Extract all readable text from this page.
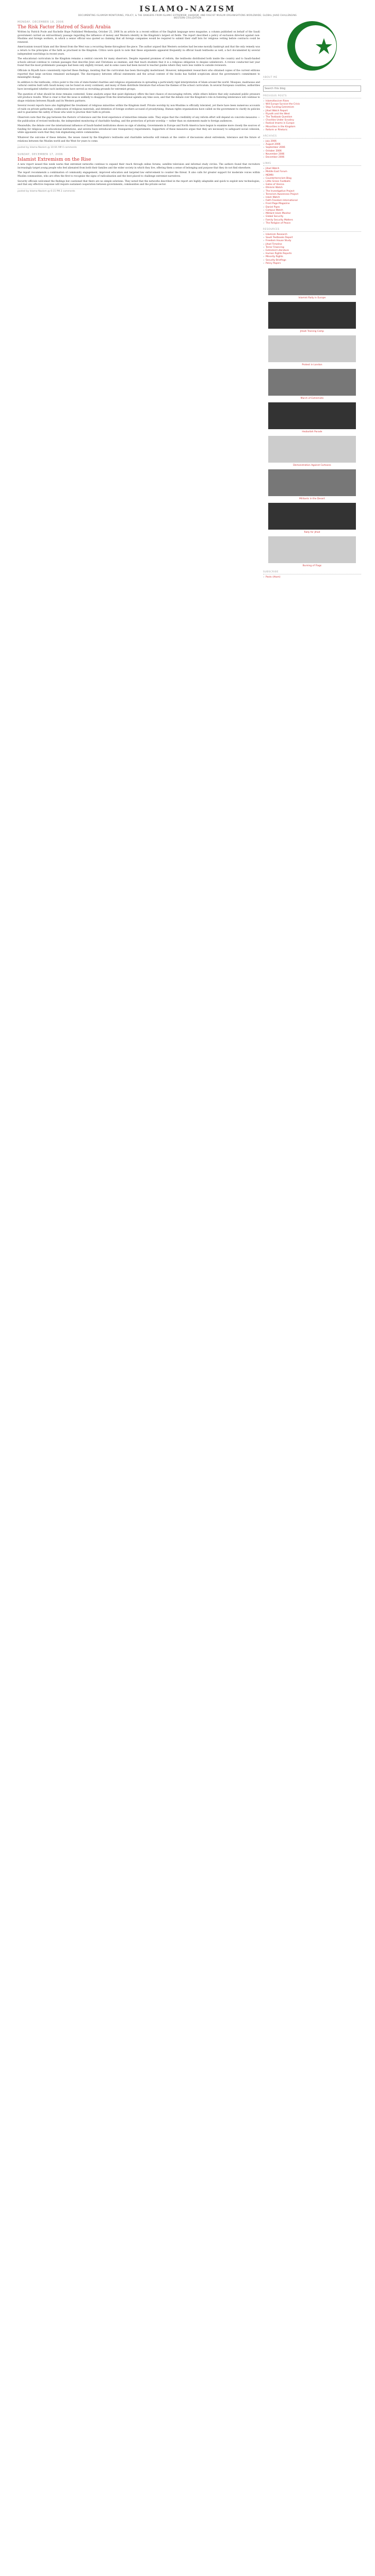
ISLAMO-NAZISM
DOCUMENTING ISLAMISM MONITORING, POLICY, & THE DANGERS FROM ISLAMIC EXTREMISM, JIHADISM, AND FASCIST MUSLIM ORGANISATIONS WORLDWIDE; GLOBAL JIHAD CHALLENGING WESTERN CIVILIZATION
MONDAY, DECEMBER 18, 2006
The Risk Factor Hatred of Saudi Arabia

Written by Patrick Poole and Rachelle Hope Published Wednesday, October 25, 2006 In an article in a recent edition of the English language news magazine, a column published on behalf of the Saudi government carried an extraordinary passage regarding the influence of money and Western identity in the Kingdom's largest oil fields. The report described a policy of exclusion directed against non-Muslims and foreign workers, in which a senior official was quoted as claiming that all foreign companies would be required to submit their staff lists for religious vetting before contracts could be renewed.

Americanism toward Islam and the threat from the West was a recurring theme throughout the piece. The author argued that Western societies had become morally bankrupt and that the only remedy was a return to the principles of the faith as practised in the Kingdom. Critics were quick to note that these arguments appeared frequently in official Saudi textbooks as well, a fact documented by several independent watchdogs in recent years.

The educational curriculum in the Kingdom remains a central concern for many observers. Despite repeated promises of reform, the textbooks distributed both inside the country and to Saudi-funded schools abroad continue to contain passages that describe Jews and Christians as enemies, and that teach students that it is a religious obligation to despise unbelievers. A review conducted last year found that the most problematic passages had been only slightly revised, and in some cases had been moved to teacher guides where they were less visible to outside reviewers.

Officials in Riyadh have consistently rejected these findings, insisting that the curriculum has been thoroughly modernised. However, independent researchers who obtained copies of the current editions reported that large sections remained unchanged. The discrepancy between official statements and the actual content of the books has fuelled scepticism about the government's commitment to meaningful change.

In addition to the textbooks, critics point to the role of state-funded charities and religious organisations in spreading a particularly rigid interpretation of Islam around the world. Mosques, madrassas and cultural centres built with Saudi money can be found on every continent, and many of them distribute literature that echoes the themes of the school curriculum. In several European countries, authorities have investigated whether such institutions have served as recruiting grounds for extremist groups.

The question of what should be done remains contested. Some analysts argue that quiet diplomacy offers the best chance of encouraging reform, while others believe that only sustained public pressure will produce results. What is clear is that the issue is unlikely to disappear from the international agenda any time soon, and that the debate over the Kingdom's role in fostering intolerance will continue to shape relations between Riyadh and its Western partners.

Several recent reports have also highlighted the treatment of religious minorities within the Kingdom itself. Private worship by non-Muslims is officially tolerated, yet there have been numerous accounts of raids on private gatherings, confiscation of religious materials, and detention of foreign workers accused of proselytising. Human rights organisations have called on the government to clarify its policies and to guarantee the safety of those who wish to practise their faith in private.

Observers note that the gap between the rhetoric of tolerance and the lived experience of minorities remains wide. They argue that the credibility of any reform effort will depend on concrete measures — the publication of revised textbooks, the independent monitoring of charitable funding, and the protection of private worship — rather than on statements made to foreign audiences.

Meanwhile, the debate over the international influence of Saudi-funded institutions shows no sign of abating. Governments in Europe and North America have begun to examine more closely the sources of funding for religious and educational institutions, and several have introduced new transparency requirements. Supporters of these measures argue that they are necessary to safeguard social cohesion, while opponents warn that they risk stigmatising entire communities.

Whatever the outcome of these debates, the issues raised by the Kingdom's textbooks and charitable networks will remain at the centre of discussions about extremism, tolerance and the future of relations between the Muslim world and the West for years to come.

posted by Islamo-Nazism @ 10:04 AM 0 comments
SUNDAY, DECEMBER 17, 2006
Islamist Extremism on the Rise

A new report issued this week warns that extremist networks continue to expand their reach through online forums, satellite television and informal study circles. The authors found that recruiters increasingly target young people who feel alienated from both their families and the wider society in which they live, offering them a sense of belonging and purpose that they do not find elsewhere.

The report recommends a combination of community engagement, improved education and targeted law enforcement to counter the threat. It also calls for greater support for moderate voices within Muslim communities, who are often the first to recognise the signs of radicalisation and the best placed to challenge extremist narratives.

Security officials welcomed the findings but cautioned that there are no simple solutions. They noted that the networks described in the report are highly adaptable and quick to exploit new technologies, and that any effective response will require sustained cooperation between governments, communities and the private sector.

posted by Islamo-Nazism @ 6:15 PM 2 comments
ABOUT ME
Search this blog
PREVIOUS POSTS
» Islamofascism Rises
» Will Europe Survive the Crisis
» Stop Funding Extremism
» Jihad Watch Report
» Riyadh and the West
» The Textbook Question
» Charities Under Scrutiny
» Radical Imams in Europe
» Minorities in the Kingdom
» Reform or Rhetoric
ARCHIVES
» July 2006
» August 2006
» September 2006
» October 2006
» November 2006
» December 2006
LINKS
» Jihad Watch
» Middle East Forum
» MEMRI
» Counterterrorism Blog
» Little Green Footballs
» Gates of Vienna
» Dhimmi Watch
» The Investigative Project
» Terrorism Awareness Project
» Islam Watch
» Faith Freedom International
» Front Page Magazine
» Daniel Pipes
» Campus Watch
» Militant Islam Monitor
» Global Security
» Family Security Matters
» The Religion of Peace
RESOURCES
» Islamism Research
» Saudi Textbooks Report
» Freedom House Study
» Jihad Timeline
» Terror Financing
» Extremist Literature
» Human Rights Reports
» Minority Rights
» Security Briefings
» Policy Papers
Islamist Rally in Europe
Jihadi Training Camp
Protest in London
March of Extremists
Hezbollah Parade
Demonstration Against Cartoons
Militants in the Desert
Rally for Jihad
Burning of Flags
SUBSCRIBE
» Posts (Atom)
